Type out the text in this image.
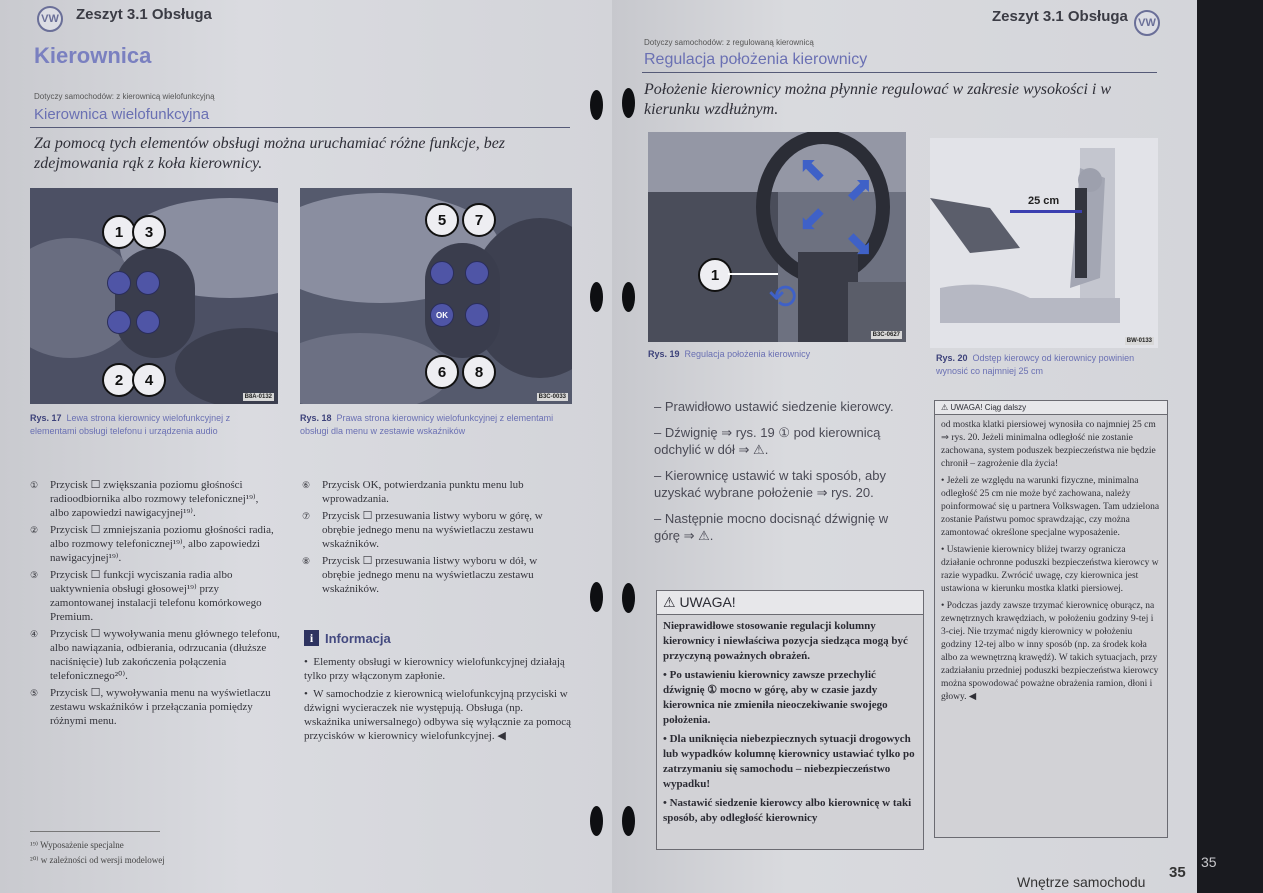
VW Zeszyt 3.1 Obsługa
Kierownica
Dotyczy samochodów: z kierownicą wielofunkcyjną
Kierownica wielofunkcyjna
Za pomocą tych elementów obsługi można uruchamiać różne funkcje, bez zdejmowania rąk z koła kierownicy.
1	3
2	4
B8A-0132
Rys. 17 Lewa strona kierownicy wielofunkcyjnej z elementami obsługi telefonu i urządzenia audio
5	7
OK
6	8
B3C-0033
Rys. 18 Prawa strona kierownicy wielofunkcyjnej z elementami obsługi dla menu w zestawie wskaźników
①	Przycisk ☐ zwiększania poziomu głośności radioodbiornika albo rozmowy telefonicznej¹⁹⁾, albo zapowiedzi nawigacyjnej¹⁹⁾.
②	Przycisk ☐ zmniejszania poziomu głośności radia, albo rozmowy telefonicznej¹⁹⁾, albo zapowiedzi nawigacyjnej¹⁹⁾.
③	Przycisk ☐ funkcji wyciszania radia albo uaktywnienia obsługi głosowej¹⁹⁾ przy zamontowanej instalacji telefonu komórkowego Premium.
④	Przycisk ☐ wywoływania menu głównego telefonu, albo nawiązania, odbierania, odrzucania (dłuższe naciśnięcie) lub zakończenia połączenia telefonicznego²⁰⁾.
⑤	Przycisk ☐, wywoływania menu na wyświetlaczu zestawu wskaźników i przełączania pomiędzy różnymi menu.
⑥	Przycisk OK, potwierdzania punktu menu lub wprowadzania.
⑦	Przycisk ☐ przesuwania listwy wyboru w górę, w obrębie jednego menu na wyświetlaczu zestawu wskaźników.
⑧	Przycisk ☐ przesuwania listwy wyboru w dół, w obrębie jednego menu na wyświetlaczu zestawu wskaźników.
i Informacja

•  Elementy obsługi w kierownicy wielofunkcyjnej działają tylko przy włączonym zapłonie.

•  W samochodzie z kierownicą wielofunkcyjną przyciski w dźwigni wycieraczek nie występują. Obsługa (np. wskaźnika uniwersalnego) odbywa się wyłącznie za pomocą przycisków w kierownicy wielofunkcyjnej. ◀

¹⁹⁾ Wyposażenie specjalne
²⁰⁾ w zależności od wersji modelowej
Zeszyt 3.1 Obsługa VW
Dotyczy samochodów: z regulowaną kierownicą
Regulacja położenia kierownicy
Położenie kierownicy można płynnie regulować w zakresie wysokości i w kierunku wzdłużnym.
⬉ ⬈
⬋
⬊
⟲
1
B3C-0627
Rys. 19 Regulacja położenia kierownicy
25 cm
BW-0133
Rys. 20 Odstęp kierowcy od kierownicy powinien wynosić co najmniej 25 cm
– Prawidłowo ustawić siedzenie kierowcy.
– Dźwignię ⇒ rys. 19 ① pod kierownicą odchylić w dół ⇒ ⚠.
– Kierownicę ustawić w taki sposób, aby uzyskać wybrane położenie ⇒ rys. 20.
– Następnie mocno docisnąć dźwignię w górę ⇒ ⚠.
⚠ UWAGA!

Nieprawidłowe stosowanie regulacji kolumny kierownicy i niewłaściwa pozycja siedząca mogą być przyczyną poważnych obrażeń.

• Po ustawieniu kierownicy zawsze przechylić dźwignię ① mocno w górę, aby w czasie jazdy kierownica nie zmieniła nieoczekiwanie swojego położenia.

• Dla uniknięcia niebezpiecznych sytuacji drogowych lub wypadków kolumnę kierownicy ustawiać tylko po zatrzymaniu się samochodu – niebezpieczeństwo wypadku!

• Nastawić siedzenie kierowcy albo kierownicę w taki sposób, aby odległość kierownicy

⚠ UWAGA! Ciąg dalszy

od mostka klatki piersiowej wynosiła co najmniej 25 cm ⇒ rys. 20. Jeżeli minimalna odległość nie zostanie zachowana, system poduszek bezpieczeństwa nie będzie chronił – zagrożenie dla życia!

• Jeżeli ze względu na warunki fizyczne, minimalna odległość 25 cm nie może być zachowana, należy poinformować się u partnera Volkswagen. Tam udzielona zostanie Państwu pomoc sprawdzając, czy można zamontować określone specjalne wyposażenie.

• Ustawienie kierownicy bliżej twarzy ogranicza działanie ochronne poduszki bezpieczeństwa kierowcy w razie wypadku. Zwrócić uwagę, czy kierownica jest ustawiona w kierunku mostka klatki piersiowej.

• Podczas jazdy zawsze trzymać kierownicę oburącz, na zewnętrznych krawędziach, w położeniu godziny 9-tej i 3-ciej. Nie trzymać nigdy kierownicy w położeniu godziny 12-tej albo w inny sposób (np. za środek koła albo za wewnętrzną krawędź). W takich sytuacjach, przy zadziałaniu przedniej poduszki bezpieczeństwa kierowcy można spowodować poważne obrażenia ramion, dłoni i głowy. ◀

Wnętrze samochodu
35
35
